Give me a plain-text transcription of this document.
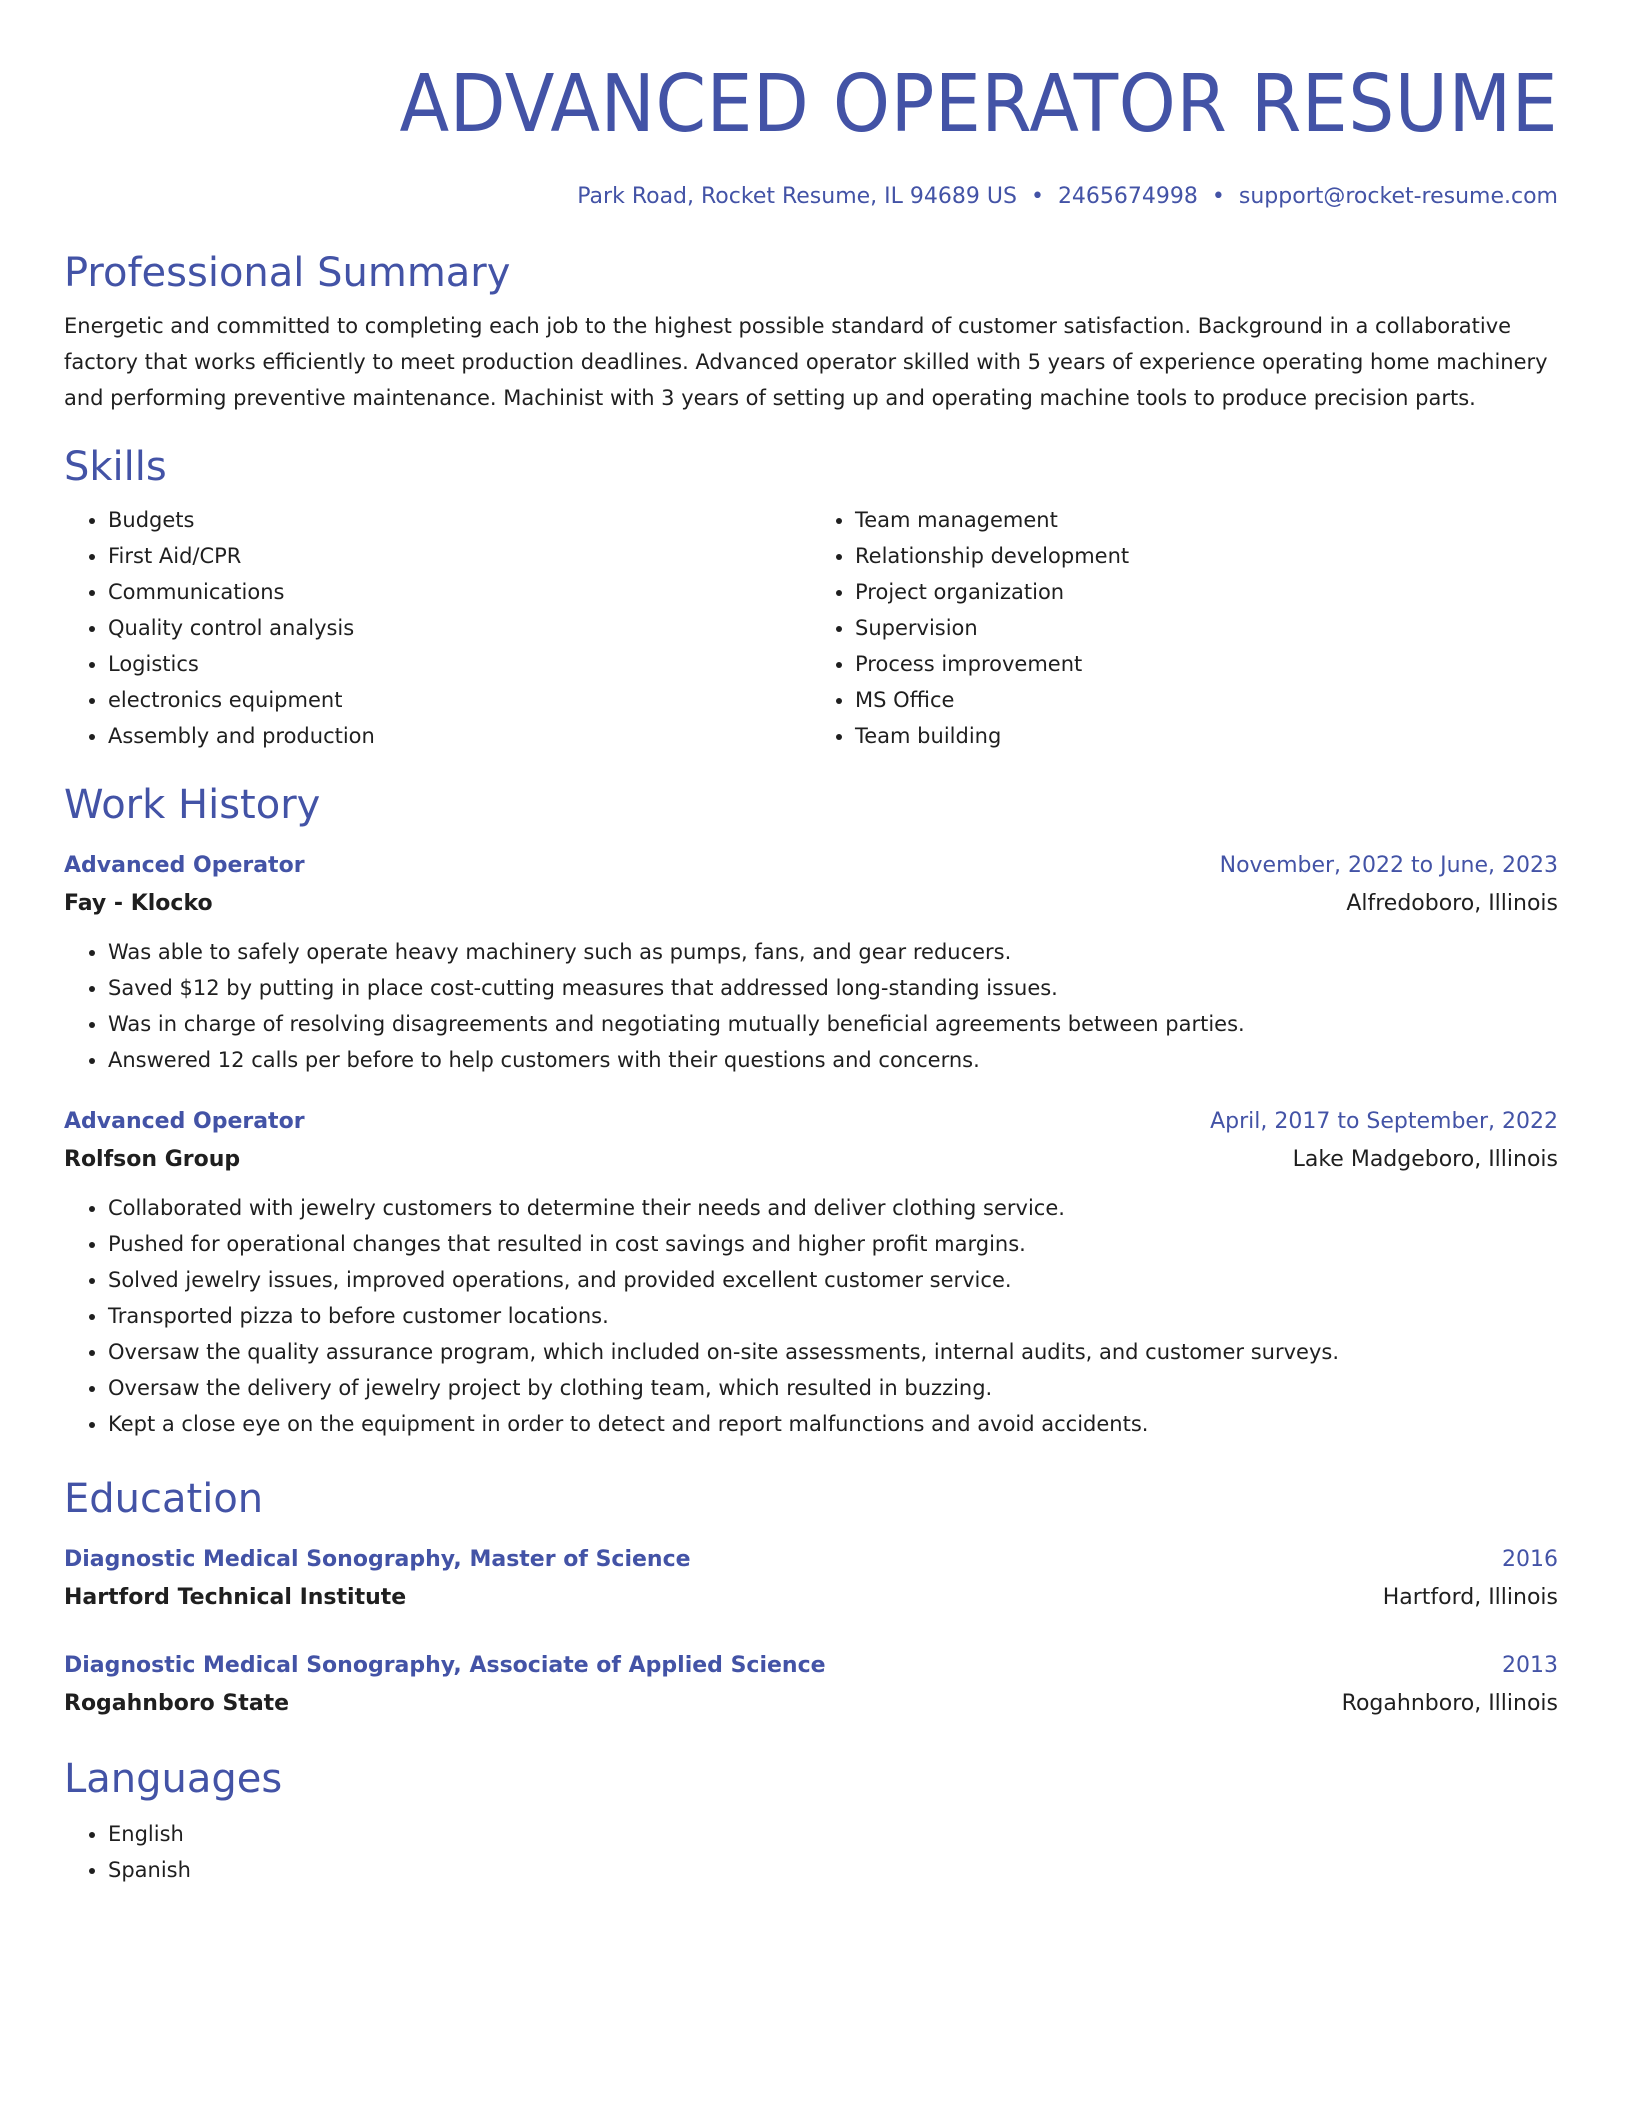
ADVANCED OPERATOR RESUME
Park Road, Rocket Resume, IL 94689 US • 2465674998 • support@rocket-resume.com
Professional Summary

Energetic and committed to completing each job to the highest possible standard of customer satisfaction. Background in a collaborative factory that works efficiently to meet production deadlines. Advanced operator skilled with 5 years of experience operating home machinery and performing preventive maintenance. Machinist with 3 years of setting up and operating machine tools to produce precision parts.

Skills
• Budgets
• First Aid/CPR
• Communications
• Quality control analysis
• Logistics
• electronics equipment
• Assembly and production
• Team management
• Relationship development
• Project organization
• Supervision
• Process improvement
• MS Office
• Team building
Work History
Advanced Operator	November, 2022 to June, 2023
Fay - Klocko	Alfredoboro, Illinois
• Was able to safely operate heavy machinery such as pumps, fans, and gear reducers.
• Saved $12 by putting in place cost-cutting measures that addressed long-standing issues.
• Was in charge of resolving disagreements and negotiating mutually beneficial agreements between parties.
• Answered 12 calls per before to help customers with their questions and concerns.
Advanced Operator	April, 2017 to September, 2022
Rolfson Group	Lake Madgeboro, Illinois
• Collaborated with jewelry customers to determine their needs and deliver clothing service.
• Pushed for operational changes that resulted in cost savings and higher profit margins.
• Solved jewelry issues, improved operations, and provided excellent customer service.
• Transported pizza to before customer locations.
• Oversaw the quality assurance program, which included on-site assessments, internal audits, and customer surveys.
• Oversaw the delivery of jewelry project by clothing team, which resulted in buzzing.
• Kept a close eye on the equipment in order to detect and report malfunctions and avoid accidents.
Education
Diagnostic Medical Sonography, Master of Science	2016
Hartford Technical Institute	Hartford, Illinois
Diagnostic Medical Sonography, Associate of Applied Science	2013
Rogahnboro State	Rogahnboro, Illinois
Languages
• English
• Spanish
